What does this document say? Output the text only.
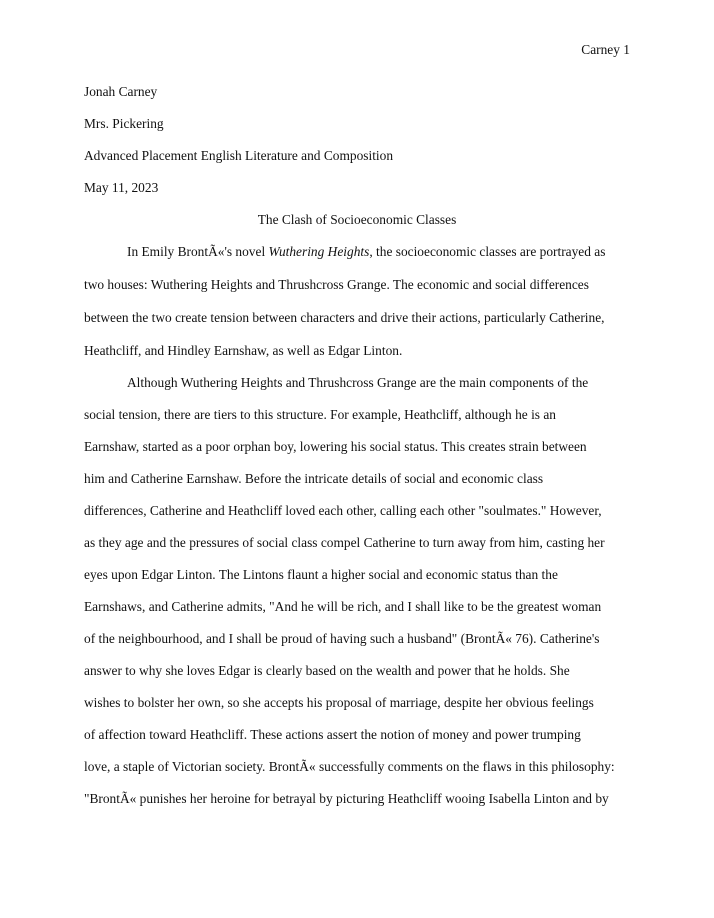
Carney 1
Jonah Carney
Mrs. Pickering
Advanced Placement English Literature and Composition
May 11, 2023
The Clash of Socioeconomic Classes
In Emily BrontÃ«'s novel Wuthering Heights, the socioeconomic classes are portrayed as
two houses: Wuthering Heights and Thrushcross Grange. The economic and social differences
between the two create tension between characters and drive their actions, particularly Catherine,
Heathcliff, and Hindley Earnshaw, as well as Edgar Linton.
Although Wuthering Heights and Thrushcross Grange are the main components of the
social tension, there are tiers to this structure. For example, Heathcliff, although he is an
Earnshaw, started as a poor orphan boy, lowering his social status. This creates strain between
him and Catherine Earnshaw. Before the intricate details of social and economic class
differences, Catherine and Heathcliff loved each other, calling each other "soulmates." However,
as they age and the pressures of social class compel Catherine to turn away from him, casting her
eyes upon Edgar Linton. The Lintons flaunt a higher social and economic status than the
Earnshaws, and Catherine admits, "And he will be rich, and I shall like to be the greatest woman
of the neighbourhood, and I shall be proud of having such a husband" (BrontÃ« 76). Catherine's
answer to why she loves Edgar is clearly based on the wealth and power that he holds. She
wishes to bolster her own, so she accepts his proposal of marriage, despite her obvious feelings
of affection toward Heathcliff. These actions assert the notion of money and power trumping
love, a staple of Victorian society. BrontÃ« successfully comments on the flaws in this philosophy:
"BrontÃ« punishes her heroine for betrayal by picturing Heathcliff wooing Isabella Linton and by
